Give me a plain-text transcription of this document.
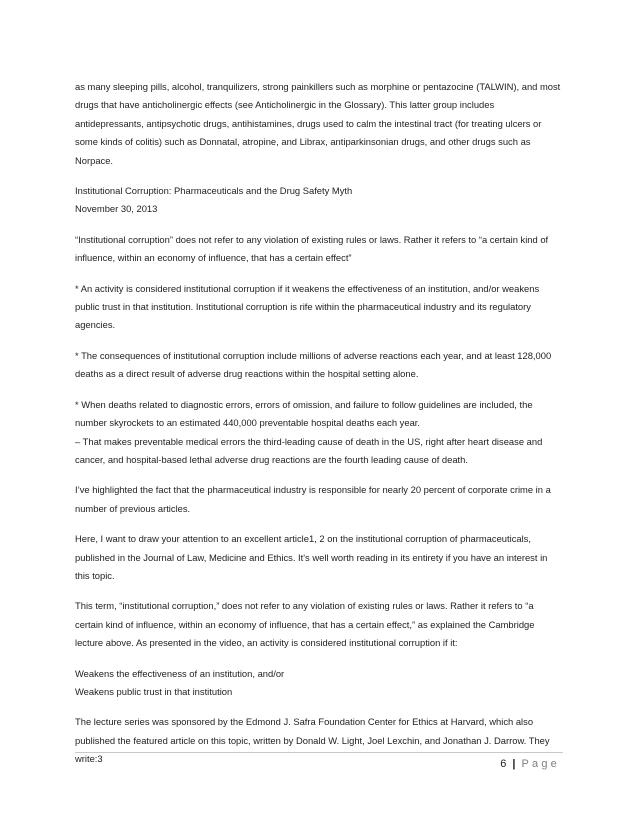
as many sleeping pills, alcohol, tranquilizers, strong painkillers such as morphine or pentazocine (TALWIN), and most
drugs that have anticholinergic effects (see Anticholinergic in the Glossary). This latter group includes
antidepressants, antipsychotic drugs, antihistamines, drugs used to calm the intestinal tract (for treating ulcers or
some kinds of colitis) such as Donnatal, atropine, and Librax, antiparkinsonian drugs, and other drugs such as
Norpace.
Institutional Corruption: Pharmaceuticals and the Drug Safety Myth
November 30, 2013
“Institutional corruption” does not refer to any violation of existing rules or laws. Rather it refers to “a certain kind of
influence, within an economy of influence, that has a certain effect”
* An activity is considered institutional corruption if it weakens the effectiveness of an institution, and/or weakens
public trust in that institution. Institutional corruption is rife within the pharmaceutical industry and its regulatory
agencies.
* The consequences of institutional corruption include millions of adverse reactions each year, and at least 128,000
deaths as a direct result of adverse drug reactions within the hospital setting alone.
* When deaths related to diagnostic errors, errors of omission, and failure to follow guidelines are included, the
number skyrockets to an estimated 440,000 preventable hospital deaths each year.
– That makes preventable medical errors the third-leading cause of death in the US, right after heart disease and
cancer, and hospital-based lethal adverse drug reactions are the fourth leading cause of death.
I’ve highlighted the fact that the pharmaceutical industry is responsible for nearly 20 percent of corporate crime in a
number of previous articles.
Here, I want to draw your attention to an excellent article1, 2 on the institutional corruption of pharmaceuticals,
published in the Journal of Law, Medicine and Ethics. It's well worth reading in its entirety if you have an interest in
this topic.
This term, “institutional corruption,” does not refer to any violation of existing rules or laws. Rather it refers to “a
certain kind of influence, within an economy of influence, that has a certain effect,” as explained the Cambridge
lecture above. As presented in the video, an activity is considered institutional corruption if it:
Weakens the effectiveness of an institution, and/or
Weakens public trust in that institution
The lecture series was sponsored by the Edmond J. Safra Foundation Center for Ethics at Harvard, which also
published the featured article on this topic, written by Donald W. Light, Joel Lexchin, and Jonathan J. Darrow. They
write:3	6 | Page
